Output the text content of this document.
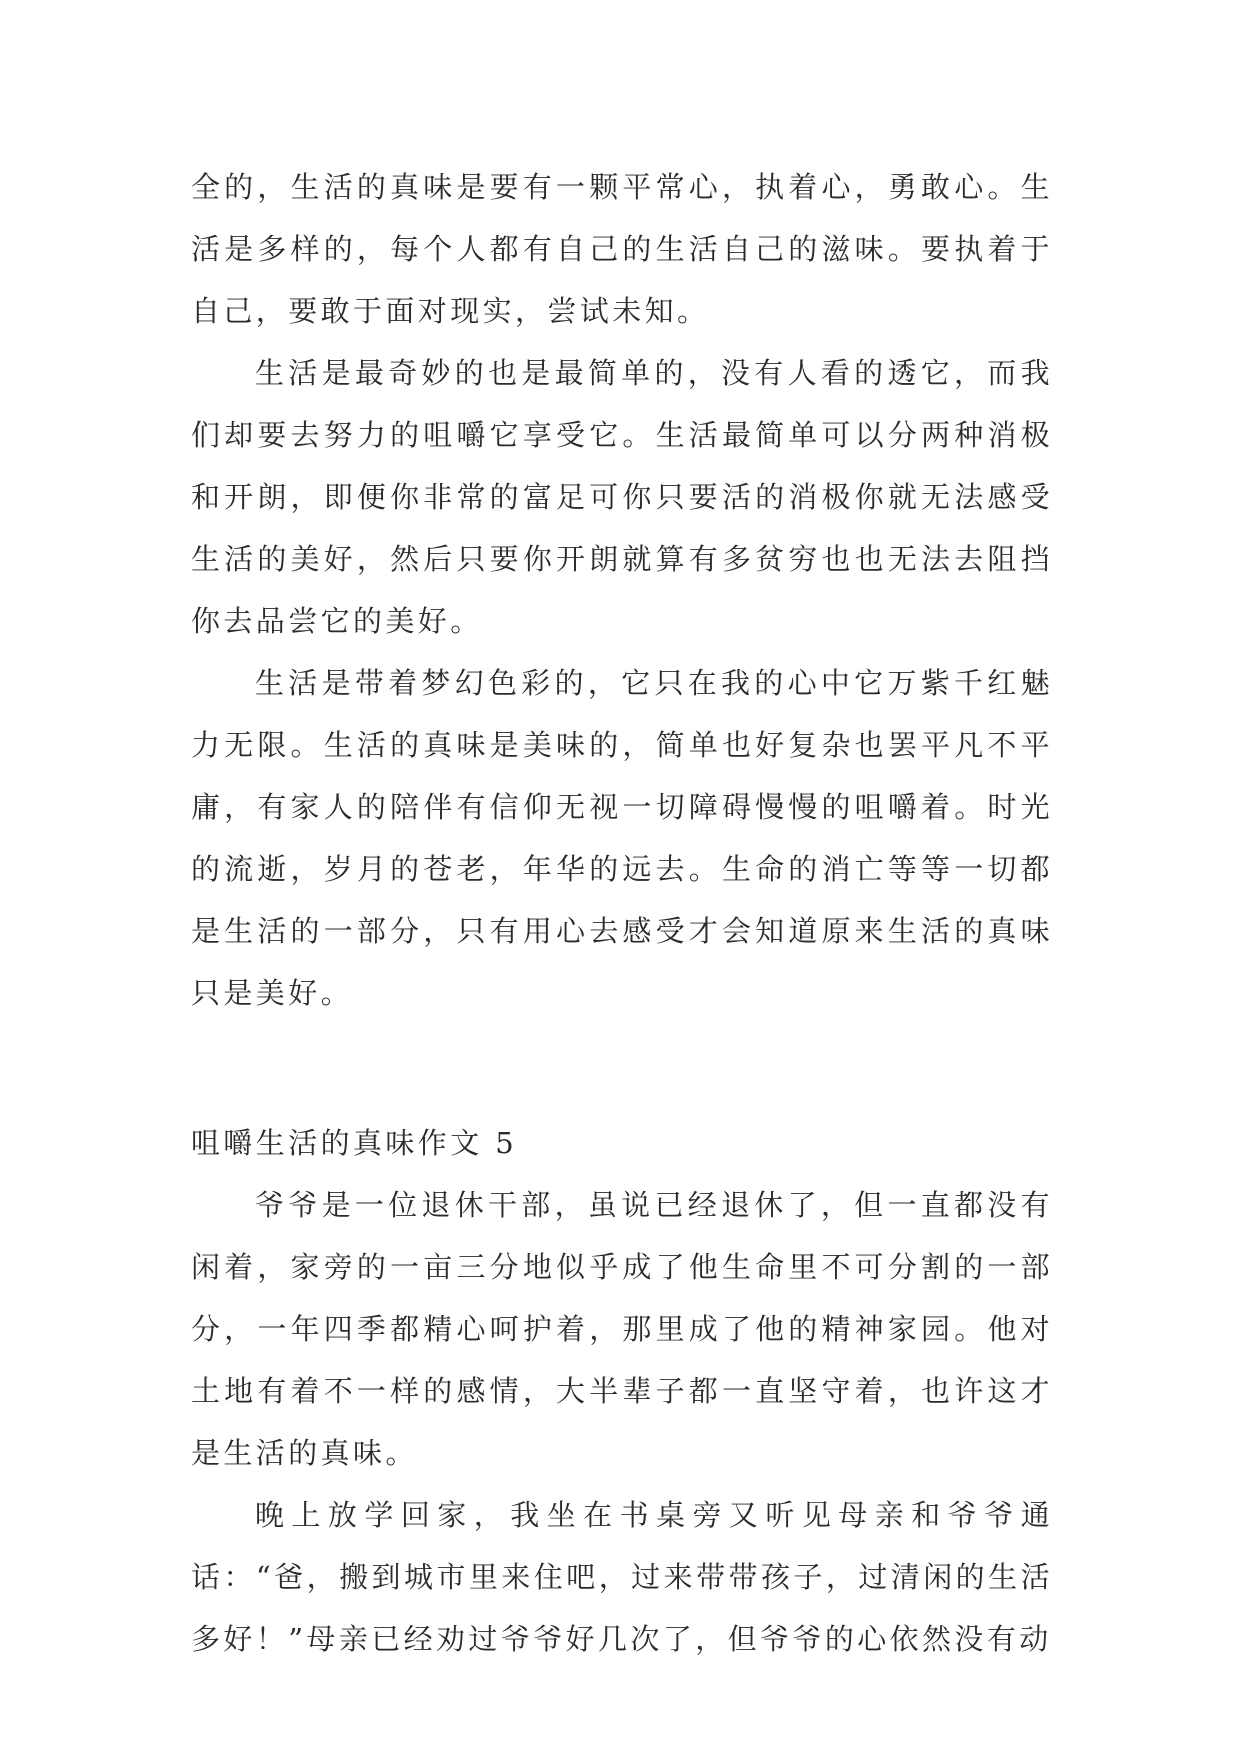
全的，生活的真味是要有一颗平常心，执着心，勇敢心。生活是多样的，每个人都有自己的生活自己的滋味。要执着于自己，要敢于面对现实，尝试未知。

生活是最奇妙的也是最简单的，没有人看的透它，而我们却要去努力的咀嚼它享受它。生活最简单可以分两种消极和开朗，即便你非常的富足可你只要活的消极你就无法感受生活的美好，然后只要你开朗就算有多贫穷也也无法去阻挡你去品尝它的美好。

生活是带着梦幻色彩的，它只在我的心中它万紫千红魅力无限。生活的真味是美味的，简单也好复杂也罢平凡不平庸，有家人的陪伴有信仰无视一切障碍慢慢的咀嚼着。时光的流逝，岁月的苍老，年华的远去。生命的消亡等等一切都是生活的一部分，只有用心去感受才会知道原来生活的真味只是美好。

咀嚼生活的真味作文 5

爷爷是一位退休干部，虽说已经退休了，但一直都没有闲着，家旁的一亩三分地似乎成了他生命里不可分割的一部分，一年四季都精心呵护着，那里成了他的精神家园。他对土地有着不一样的感情，大半辈子都一直坚守着，也许这才是生活的真味。

晚上放学回家，我坐在书桌旁又听见母亲和爷爷通话：“爸，搬到城市里来住吧，过来带带孩子，过清闲的生活多好！”母亲已经劝过爷爷好几次了，但爷爷的心依然没有动
